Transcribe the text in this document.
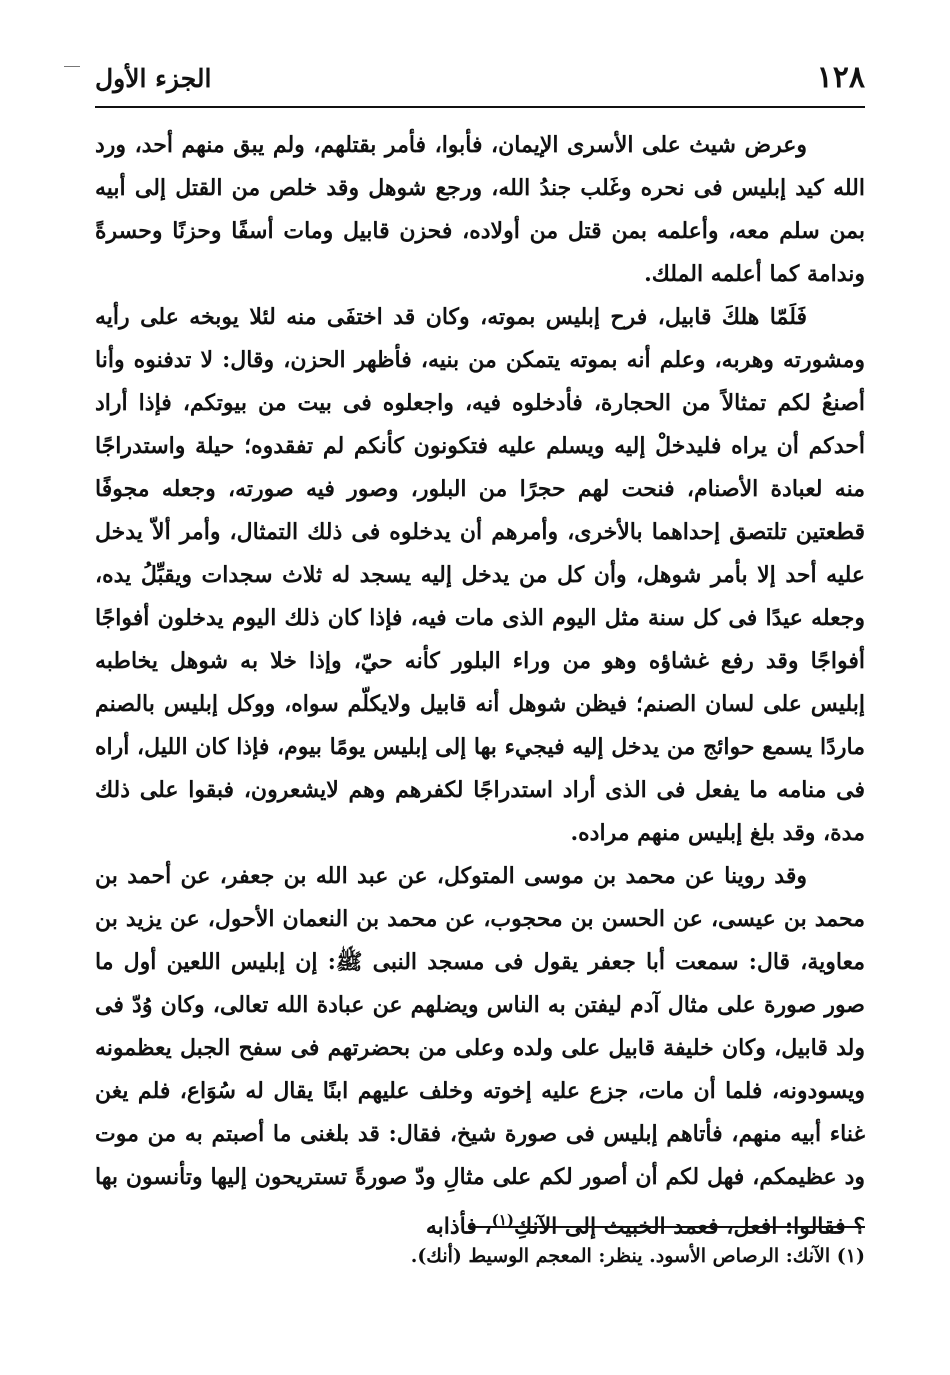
١٢٨
الجزء الأول

وعرض شيث على الأسرى الإيمان، فأبوا، فأمر بقتلهم، ولم يبق منهم أحد، ورد الله كيد إبليس فى نحره وغَلب جندُ الله، ورجع شوهل وقد خلص من القتل إلى أبيه بمن سلم معه، وأعلمه بمن قتل من أولاده، فحزن قابيل ومات أسفًا وحزنًا وحسرةً وندامة كما أعلمه الملك.

فَلَمّا هلكَ قابيل، فرح إبليس بموته، وكان قد اختفَى منه لئلا يوبخه على رأيه ومشورته وهربه، وعلم أنه بموته يتمكن من بنيه، فأظهر الحزن، وقال: لا تدفنوه وأنا أصنعُ لكم تمثالاً من الحجارة، فأدخلوه فيه، واجعلوه فى بيت من بيوتكم، فإذا أراد أحدكم أن يراه فليدخلْ إليه ويسلم عليه فتكونون كأنكم لم تفقدوه؛ حيلة واستدراجًا منه لعبادة الأصنام، فنحت لهم حجرًا من البلور، وصور فيه صورته، وجعله مجوفًا قطعتين تلتصق إحداهما بالأخرى، وأمرهم أن يدخلوه فى ذلك التمثال، وأمر ألاّ يدخل عليه أحد إلا بأمر شوهل، وأن كل من يدخل إليه يسجد له ثلاث سجدات ويقبِّلُ يده، وجعله عيدًا فى كل سنة مثل اليوم الذى مات فيه، فإذا كان ذلك اليوم يدخلون أفواجًا أفواجًا وقد رفع غشاؤه وهو من وراء البلور كأنه حيّ، وإذا خلا به شوهل يخاطبه إبليس على لسان الصنم؛ فيظن شوهل أنه قابيل ولايكلّم سواه، ووكل إبليس بالصنم ماردًا يسمع حوائج من يدخل إليه فيجيء بها إلى إبليس يومًا بيوم، فإذا كان الليل، أراه فى منامه ما يفعل فى الذى أراد استدراجًا لكفرهم وهم لايشعرون، فبقوا على ذلك مدة، وقد بلغ إبليس منهم مراده.

وقد روينا عن محمد بن موسى المتوكل، عن عبد الله بن جعفر، عن أحمد بن محمد بن عيسى، عن الحسن بن محجوب، عن محمد بن النعمان الأحول، عن يزيد بن معاوية، قال: سمعت أبا جعفر يقول فى مسجد النبى ﷺ: إن إبليس اللعين أول ما صور صورة على مثال آدم ليفتن به الناس ويضلهم عن عبادة الله تعالى، وكان وُدّ فى ولد قابيل، وكان خليفة قابيل على ولده وعلى من بحضرتهم فى سفح الجبل يعظمونه ويسودونه، فلما أن مات، جزع عليه إخوته وخلف عليهم ابنًا يقال له سُوَاع، فلم يغن غناء أبيه منهم، فأتاهم إبليس فى صورة شيخ، فقال: قد بلغنى ما أصبتم به من موت ود عظيمكم، فهل لكم أن أصور لكم على مثالِ ودّ صورةً تستريحون إليها وتأنسون بها ؟ فقالوا: افعل، فعمد الخبيث إلى الآنكِ$^{(١)}$، فأذابه

(١) الآنك: الرصاص الأسود. ينظر: المعجم الوسيط (أنك).
